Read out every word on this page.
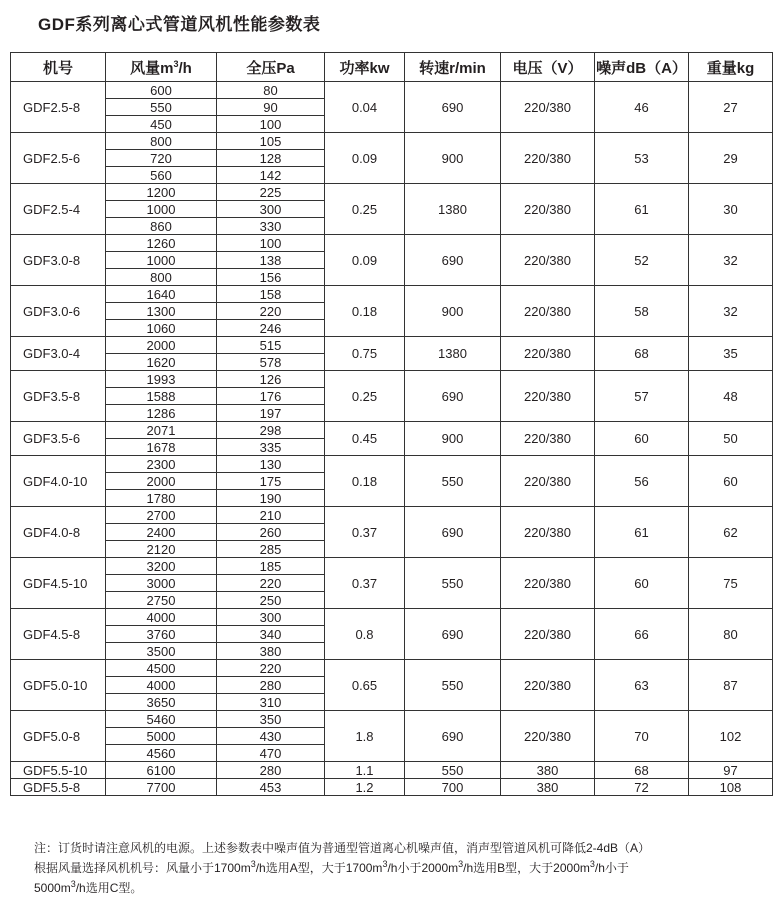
GDF系列离心式管道风机性能参数表
机号	风量$m^3/h$	全压Pa	功率kw	转速r/min	电压（V）	噪声dB（A）	重量kg
GDF2.5-8	600	80	0.04	690	220/380	46	27
	550	90					
	450	100					
GDF2.5-6	800	105	0.09	900	220/380	53	29
	720	128					
	560	142					
GDF2.5-4	1200	225	0.25	1380	220/380	61	30
	1000	300					
	860	330					
GDF3.0-8	1260	100	0.09	690	220/380	52	32
	1000	138					
	800	156					
GDF3.0-6	1640	158	0.18	900	220/380	58	32
	1300	220					
	1060	246					
GDF3.0-4	2000	515	0.75	1380	220/380	68	35
	1620	578					
GDF3.5-8	1993	126	0.25	690	220/380	57	48
	1588	176					
	1286	197					
GDF3.5-6	2071	298	0.45	900	220/380	60	50
	1678	335					
GDF4.0-10	2300	130	0.18	550	220/380	56	60
	2000	175					
	1780	190					
GDF4.0-8	2700	210	0.37	690	220/380	61	62
	2400	260					
	2120	285					
GDF4.5-10	3200	185	0.37	550	220/380	60	75
	3000	220					
	2750	250					
GDF4.5-8	4000	300	0.8	690	220/380	66	80
	3760	340					
	3500	380					
GDF5.0-10	4500	220	0.65	550	220/380	63	87
	4000	280					
	3650	310					
GDF5.0-8	5460	350	1.8	690	220/380	70	102
	5000	430					
	4560	470					
GDF5.5-10	6100	280	1.1	550	380	68	97
GDF5.5-8	7700	453	1.2	700	380	72	108

注：订货时请注意风机的电源。上述参数表中噪声值为普通型管道离心机噪声值，消声型管道风机可降低2-4dB（A）

根据风量选择风机机号：风量小于$1700m^3/h$选用A型，大于$1700m^3/h$小于$2000m^3/h$选用B型，大于$2000m^3/h$小于

$5000m^3/h$选用C型。
